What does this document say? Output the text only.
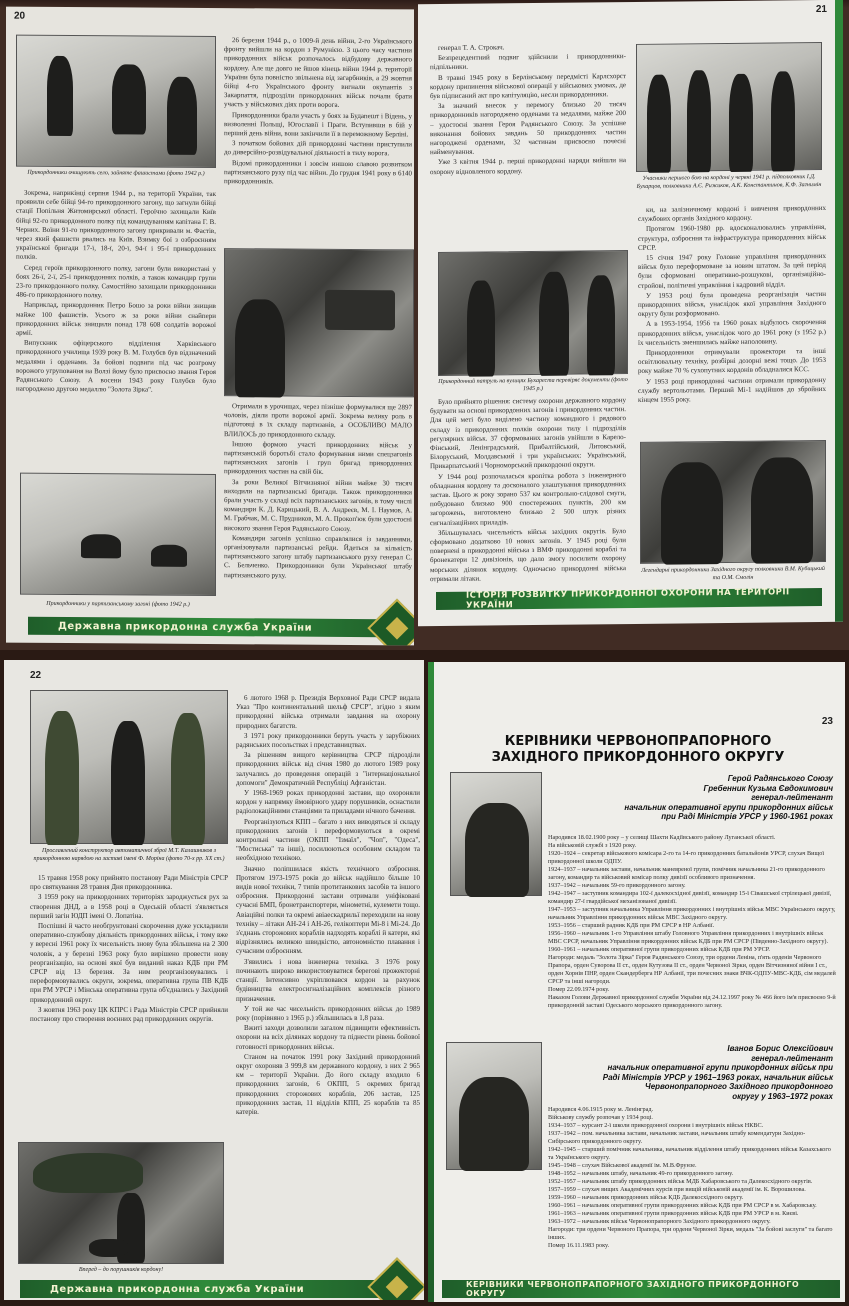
20
Прикордонники очищують село, зайняте фашистами (фото 1942 р.)

Зокрема, наприкінці серпня 1944 р., на території України, так проявили себе бійці 94-го прикордонного загону, що загнули бійці стації Попільня Житомирської області. Героїчно захищали Київ бійці 92-го прикордонного полку під командуванням капітана Г. В. Черних. Воїни 91-го прикордонного загону прикривали м. Фастів, через який фашисти рвались на Київ. Взимку бої з озброєнням української бригади 17-ї, 18-ї, 20-ї, 94-ї і 95-ї прикордонних полків.

Серед героїв прикордонного полку, загони були використані у боях 26-ї, 2-ї, 25-ї прикордонних полків, а також командир групи 23-го прикордонного полку. Самостійно захищали прикордонники 486-го прикордонного полку.

Наприклад, прикордонник Петро Бошо за роки війни знищив майже 100 фашистів. Усього ж за роки війни снайпери прикордонних військ знищили понад 178 608 солдатів ворожої армії.

Випускник офіцерського відділення Харківського прикордонного училища 1939 року В. М. Голубєв був відзначений медалями і орденами. За бойові подвиги під час розгрому ворожого угруповання на Волзі йому було присвоєно звання Героя Радянського Союзу. А восени 1943 року Голубєв було нагороджено другою медаллю "Золота Зірка".

Прикордонники у партизанському загоні (фото 1942 р.)

26 березня 1944 р., о 1009-й день війни, 2-го Українського фронту вийшли на кордон з Румунією. З цього часу частини прикордонних військ розпочалось відбудову державного кордону. Але ще довго не йшов кінець війни 1944 р. території України була повністю звільнена від загарбників, а 29 жовтня бійці 4-го Українського фронту вигнали окупантів з Закарпаття, підрозділи прикордонних військ почали брати участь у військових діях проти ворога.

Прикордонники брали участь у боях за Будапешт і Відень, у визволенні Польщі, Югославії і Праги. Вступивши в бій у перший день війни, вони закінчили її в переможному Берліні.

З початком бойових дій прикордонні частини приступили до диверсійно-розвідувальної діяльності в тилу ворога.

Відомі прикордонники і зовсім иншою славою розвитком партизанського руху під час війни. До грудня 1941 року в 6140 прикордонників.

Отримали в урочищах, через пізніше формувалися ще 2897 чоловік, діяли проти ворожої армії. Зокрема велику роль в підготовці в їх складу партизанів, а ОСОБЛИВО МАЛО ВЛИЛОСЬ до прикордонного складу.

Іншою формою участі прикордонних військ у партизанській боротьбі стало формування ними спецзагонів партизанських загонів і груп бригад прикордонних прикордонних частин на свій бік.

За роки Великої Вітчизняної війни майже 30 тисяч виходили на партизанські бригади. Також прикордонники брали участь у складі всіх партизанських загонів, в тому числі командири К. Д. Карицький, В. А. Андреєв, М. І. Наумов, А. М. Грабчак, М. С. Прудников, М. А. Прокоп'юк були удостоєні високого звання Героя Радянського Союзу.

Командири загонів успішно справлялися із завданнями, організовували партизанські рейди. Йдеться за кількість партизанського загону штабу партизанського руху генерал С. С. Бельченко. Прикордонники були Української штабу партизанського руху.

Державна прикордонна служба України
21

генерал Т. А. Строкач.

Безпрецедентний подвиг здійснили і прикордонники-підпільники.

В травні 1945 року в Берлінському передмісті Карлсхорст кордону припинення військової операції у військових умовах, де був підписаний акт про капітуляцію, несли прикордонники.

За значний внесок у перемогу близько 20 тисяч прикордонників нагороджено орденами та медалями, майже 200 – удостоєні звання Героя Радянського Союзу. За успішне виконання бойових завдань 50 прикордонних частин нагороджені орденами, 32 частинам присвоєно почесні найменування.

Уже 3 квітня 1944 р. перші прикордонні наряди вийшли на охорону відновленого кордону.

Прикордонний патруль на вулицях Бухареста перевіряє документи (фото 1945 р.)

Було прийнято рішення: систему охорони державного кордону будувати на основі прикордонних загонів і прикордонних частин. Для цей меті було виділено частину командного і рядового складу із прикордонних полків охорони тилу і підрозділів регулярних військ. 37 сформованих загонів увійшли в Карело-Фінський, Ленінградський, Прибалтійський, Литовський, Білоруський, Молдавський і три українських: Український, Прикарпатський і Чорноморський прикордонні округи.

У 1944 році розпочаласься кропітка робота з інженерного обладнання кордону та досконалого улаштування прикордонних застав. Цього ж року зорано 537 км контрольно-слідової смуги, побудовано близько 900 спостережних пунктів, 200 км загорожень, виготовлено близько 2 500 штук різних сигналізаційних приладів.

Збільшувалась чисельність військ західних округів. Було сформовано додатково 10 нових загонів. У 1945 році були повернені в прикордонні війська з ВМФ прикордонні кораблі та бронекатери 12 дивізіонів, що дало змогу посилити охорону морських ділянок кордону. Одночасно прикордонні війська отримали літаки.

Учасники першого бою на кордоні у червні 1941 р. підполковник І.Д. Бухарцов, полковники А.Є. Рижиков, А.К. Константинов, К.Ф. Загнимін

ки, на залізничному кордоні і вивчення прикордонних службових органів Західного кордону.

Протягом 1960-1980 рр. вдосконалювались управління, структура, озброєння та інфраструктура прикордонних військ СРСР.

15 січня 1947 року Головне управління прикордонних військ було переформоване за новим штатом. За цей період були сформовані оперативно-розшукові, організаційно-стройові, політичні управління і кадровий відділ.

У 1953 році була проведена реорганізація частин прикордонних військ, унаслідок якої управління Західного округу були розформовано.

А в 1953-1954, 1956 та 1960 роках відбулось скорочення прикордонних військ, унаслідок чого до 1961 року (з 1952 р.) їх чисельність зменшилась майже наполовину.

Прикордонники отримували прожектори та інші освітлювальну техніку, розбірні дозорні вежі тощо. До 1953 року майже 70 % сухопутних кордонів обладналися КСС.

У 1953 році прикордонні частини отримали прикордонну службу вертольотами. Перший Мі-1 надійшов до збройних кінцем 1955 року.

Легендарні прикордонники Західного округу полковники В.М. Кубицький та О.М. Смолін
ІСТОРІЯ РОЗВИТКУ ПРИКОРДОННОЇ ОХОРОНИ НА ТЕРИТОРІЇ УКРАЇНИ
22
Прославлений конструктор автоматичної зброї М.Т. Калашников з прикордонною нарядою на заставі імені Ф. Моріна (фото 70-х рр. ХХ ст.)

15 травня 1958 року прийнято постанову Ради Міністрів СРСР про святкування 28 травня Дня прикордонника.

З 1959 року на прикордонних територіях зароджується рух за створення ДНД, а в 1958 році в Одеській області з'являється перший загін ЮДП імені О. Лопатіна.

Поспішні й часто необґрунтовані скорочення дуже ускладнили оперативно-службову діяльність прикордонних військ, і тому вже у вересні 1961 року їх чисельність знову була збільшена на 2 300 чоловік, а у березні 1963 року було вирішено провести нову реорганізацію, на основі якої був виданий наказ КДБ при РМ СРСР від 13 березня. За ним реорганізовувались і переформовувались округи, зокрема, оперативна група ПВ КДБ при РМ УРСР і Мінська оперативна група об'єднались у Західний прикордонний округ.

З жовтня 1963 року ЦК КПРС і Рада Міністрів СРСР прийняли постанову про створення воєнних рад прикордонних округів.

Вперед – до порушників кордону!

6 лютого 1968 р. Президія Верховної Ради СРСР видала Указ "Про континентальний шельф СРСР", згідно з яким прикордонні війська отримали завдання на охорону природних багатств.

З 1971 року прикордонники беруть участь у зарубіжних радянських посольствах і представництвах.

За рішенням вищого керівництва СРСР підрозділи прикордонних військ від січня 1980 до лютого 1989 року залучались до проведення операцій з "інтернаціональної допомоги" Демократичній Республіці Афганістан.

У 1968-1969 роках прикордонні застави, що охороняли кордон у напрямку ймовірного удару порушників, оснастили радіолокаційними станціями та приладами нічного бачення.

Реорганізуються КПП – багато з них виводяться зі складу прикордонних загонів і переформовуються в окремі контрольні частини (ОКПП "Ізмаїл", "Чоп", "Одеса", "Мостиська" та інші), посилюються особовим складом та необхідною технікою.

Значно поліпшилася якість технічного озброєння. Протягом 1973-1975 років до військ надійшло більше 10 видів нової техніки, 7 типів протитанкових засобів та іншого озброєння. Прикордонні застави отримали уніфіковані сучасні БМП, бронетранспортери, мінометні, кулемети тощо. Авіаційні полки та окремі авіаескадрильї переходили на нову техніку – літаки АН-24 і АН-26, гелікоптери Мі-8 і Мі-24. До з'єднань сторожових кораблів надходять кораблі й катери, які відрізнялись великою швидкістю, автономністю плавання і сучасним озброєнням.

З'явились і нова інженерна техніка. З 1976 року починають широко використовуватися берегові прожекторні станції. Інтенсивно укріплювався кордон за рахунок будівництва електросигналізаційних комплексів різного призначення.

У той же час чисельність прикордонних військ до 1989 року (порівняно з 1965 р.) збільшилась в 1,8 раза.

Вжиті заходи дозволили загалом підвищити ефективність охорони на всіх ділянках кордону та піднести рівень бойової готовності прикордонних військ.

Станом на початок 1991 року Західний прикордонний округ охороняв 3 999,8 км державного кордону, з них 2 965 км – території України. До його складу входило 6 прикордонних загонів, 6 ОКПП, 5 окремих бригад прикордонних сторожових кораблів, 206 застав, 125 прикордонних застав, 11 відділів КПП, 25 кораблів та 85 катерів.

Державна прикордонна служба України
23
КЕРІВНИКИ ЧЕРВОНОПРАПОРНОГО ЗАХІДНОГО ПРИКОРДОННОГО ОКРУГУ
Герой Радянського Союзу
Гребенник Кузьма Євдокимович
генерал-лейтенант
начальник оперативної групи прикордонних військ
при Раді Міністрів УРСР у 1960-1961 роках
Народився 18.02.1900 року – у селищі Шахти Кадіївського району Луганської області.
На військовій службі з 1920 року.
1920–1924 – секретар військового комісара 2-го та 14-го прикордонних батальйонів УРСР, слухач Вищої прикордонної школи ОДПУ.
1924–1937 – начальник застави, начальник маневреної групи, помічник начальника 21-го прикордонного загону, командир та військовий комісар полку дивізії особливого призначення.
1937–1942 – начальник 59-го прикордонного загону.
1942–1947 – заступник командира 102-ї далекосхідної дивізії, командир 15-ї Сівашської стрілецької дивізії, командир 27-ї гвардійської механізованої дивізії.
1947–1953 – заступник начальника Управління прикордонних і внутрішніх військ МВС Українського округу, начальник Управління прикордонних військ МВС Західного округу.
1953–1956 – старший радник КДБ при РМ СРСР в НР Албанії.
1956–1960 – начальник 1-го Управління штабу Головного Управління прикордонних і внутрішніх військ МВС СРСР, начальник Управління прикордонних військ КДБ при РМ СРСР (Південно-Західного округу).
1960–1961 – начальник оперативної групи прикордонних військ КДБ при РМ УРСР.
Нагороди: медаль "Золота Зірка" Героя Радянського Союзу, три ордени Леніна, п'ять орденів Червоного Прапора, орден Суворова II ст., орден Кутузова II ст., орден Червоної Зірки, орден Вітчизняної війни I ст., орден Хорнів ПНР, орден Скандерберга НР Албанії, три почесних знаки ВЧК-ОДПУ-МВС-КДБ, сім медалей СРСР та інші нагороди.
Помер 22.09.1974 року.
Наказом Голови Державної прикордонної служби України від 24.12.1997 року № 466 його ім'я присвоєно 9-й прикордонній заставі Одеського морського прикордонного загону.
Іванов Борис Олексійович
генерал-лейтенант
начальник оперативної групи прикордонних військ при
Раді Міністрів УРСР у 1961–1963 роках, начальник військ
Червонопрапорного Західного прикордонного
округу у 1963–1972 роках
Народився 4.06.1915 року м. Ленінград.
Військову службу розпочав у 1934 році.
1934–1937 – курсант 2-ї школи прикордонної охорони і внутрішніх військ НКВС.
1937–1942 – пом. начальника застави, начальник застави, начальник штабу комендатури Західно-Сибірського прикордонного округу.
1942–1945 – старший помічник начальника, начальник відділення штабу прикордонних військ Казахського та Українського округу.
1945–1948 – слухач Військової академії ім. М.В.Фрунзе.
1948–1952 – начальник штабу, начальник 49-го прикордонного загону.
1952–1957 – начальник штабу прикордонних військ МДБ Хабаровського та Далекосхідного округів.
1957–1959 – слухач вищих Академічних курсів при вищій військовій академії ім. К. Ворошилова.
1959–1960 – начальник прикордонних військ КДБ Далекосхідного округу.
1960–1961 – начальник оперативної групи прикордонних військ КДБ при РМ СРСР в м. Хабаровську.
1961–1963 – начальник оперативної групи прикордонних військ КДБ при РМ УРСР в м. Києві.
1963–1972 – начальник військ Червонопрапорного Західного прикордонного округу.
Нагороди: три ордени Червоного Прапора, три ордени Червоної Зірки, медаль "За бойові заслуги" та багато інших.
Помер 16.11.1983 року.
КЕРІВНИКИ ЧЕРВОНОПРАПОРНОГО ЗАХІДНОГО ПРИКОРДОННОГО ОКРУГУ
